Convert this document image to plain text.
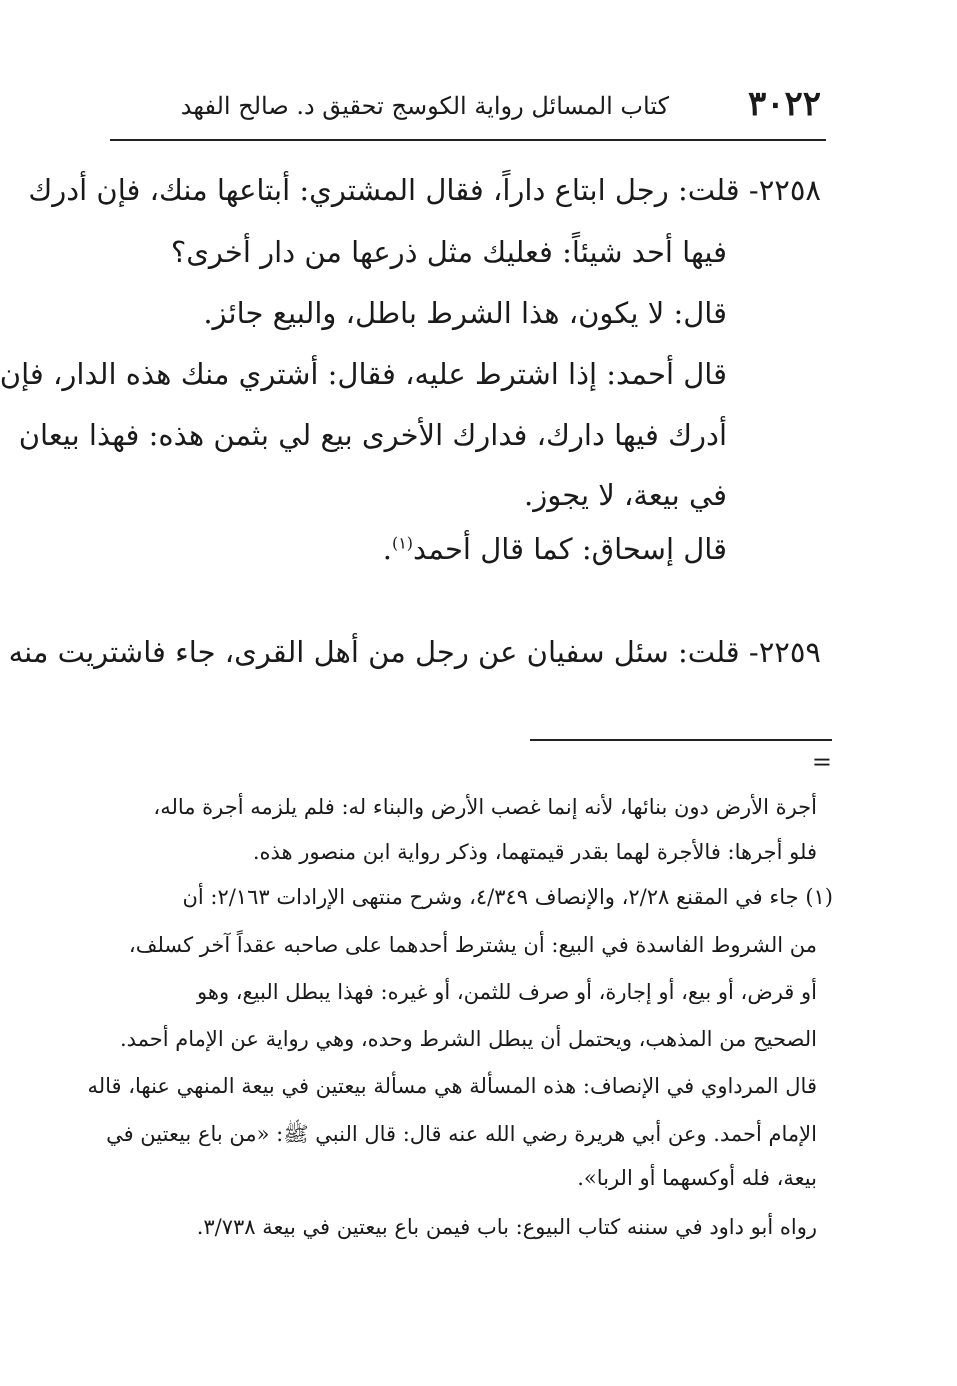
٣٠٢٢
كتاب المسائل رواية الكوسج تحقيق د. صالح الفهد
٢٢٥٨- قلت: رجل ابتاع داراً، فقال المشتري: أبتاعها منك، فإن أدرك
فيها أحد شيئاً: فعليك مثل ذرعها من دار أخرى؟
قال: لا يكون، هذا الشرط باطل، والبيع جائز.
قال أحمد: إذا اشترط عليه، فقال: أشتري منك هذه الدار، فإن
أدرك فيها دارك، فدارك الأخرى بيع لي بثمن هذه: فهذا بيعان
في بيعة، لا يجوز.
قال إسحاق: كما قال أحمد$^{(١)}$.
٢٢٥٩- قلت: سئل سفيان عن رجل من أهل القرى، جاء فاشتريت منه
=
أجرة الأرض دون بنائها، لأنه إنما غصب الأرض والبناء له: فلم يلزمه أجرة ماله،
فلو أجرها: فالأجرة لهما بقدر قيمتهما، وذكر رواية ابن منصور هذه.
(١) جاء في المقنع ٢/٢٨، والإنصاف ٤/٣٤٩، وشرح منتهى الإرادات ٢/١٦٣: أن
من الشروط الفاسدة في البيع: أن يشترط أحدهما على صاحبه عقداً آخر كسلف،
أو قرض، أو بيع، أو إجارة، أو صرف للثمن، أو غيره: فهذا يبطل البيع، وهو
الصحيح من المذهب، ويحتمل أن يبطل الشرط وحده، وهي رواية عن الإمام أحمد.
قال المرداوي في الإنصاف: هذه المسألة هي مسألة بيعتين في بيعة المنهي عنها، قاله
الإمام أحمد. وعن أبي هريرة رضي الله عنه قال: قال النبي ﷺ: «من باع بيعتين في
بيعة، فله أوكسهما أو الربا».
رواه أبو داود في سننه كتاب البيوع: باب فيمن باع بيعتين في بيعة ٣/٧٣٨.
